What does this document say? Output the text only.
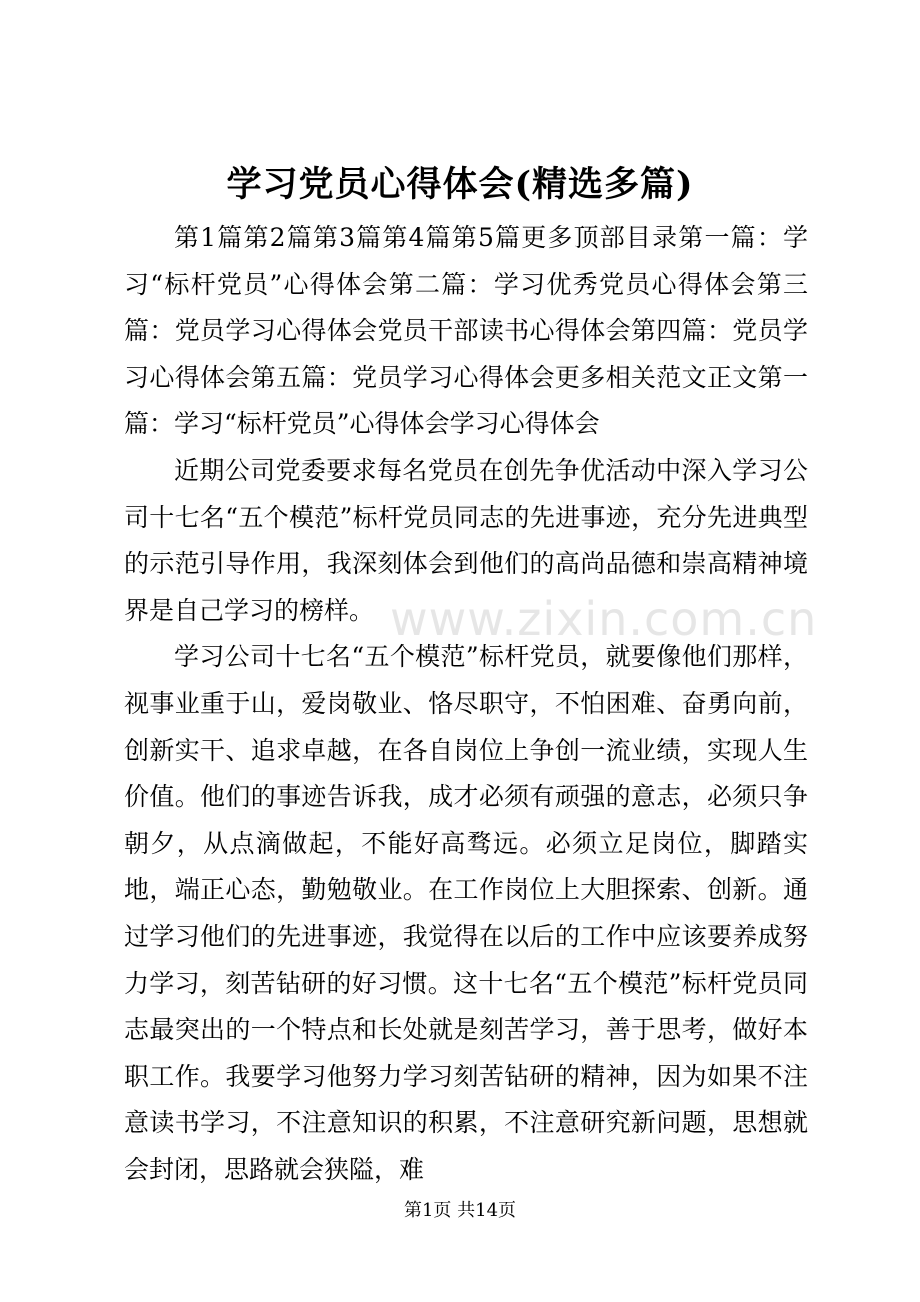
学习党员心得体会(精选多篇)

第1篇第2篇第3篇第4篇第5篇更多顶部目录第一篇：学习“标杆党员”心得体会第二篇：学习优秀党员心得体会第三篇：党员学习心得体会党员干部读书心得体会第四篇：党员学习心得体会第五篇：党员学习心得体会更多相关范文正文第一篇：学习“标杆党员”心得体会学习心得体会

近期公司党委要求每名党员在创先争优活动中深入学习公司十七名“五个模范”标杆党员同志的先进事迹，充分先进典型的示范引导作用，我深刻体会到他们的高尚品德和崇高精神境界是自己学习的榜样。

学习公司十七名“五个模范”标杆党员，就要像他们那样，视事业重于山，爱岗敬业、恪尽职守，不怕困难、奋勇向前，创新实干、追求卓越，在各自岗位上争创一流业绩，实现人生价值。他们的事迹告诉我，成才必须有顽强的意志，必须只争朝夕，从点滴做起，不能好高骛远。必须立足岗位，脚踏实地，端正心态，勤勉敬业。在工作岗位上大胆探索、创新。通过学习他们的先进事迹，我觉得在以后的工作中应该要养成努力学习，刻苦钻研的好习惯。这十七名“五个模范”标杆党员同志最突出的一个特点和长处就是刻苦学习，善于思考，做好本职工作。我要学习他努力学习刻苦钻研的精神，因为如果不注意读书学习，不注意知识的积累，不注意研究新问题，思想就会封闭，思路就会狭隘，难

www.zixin.com.cn
第1页 共14页
